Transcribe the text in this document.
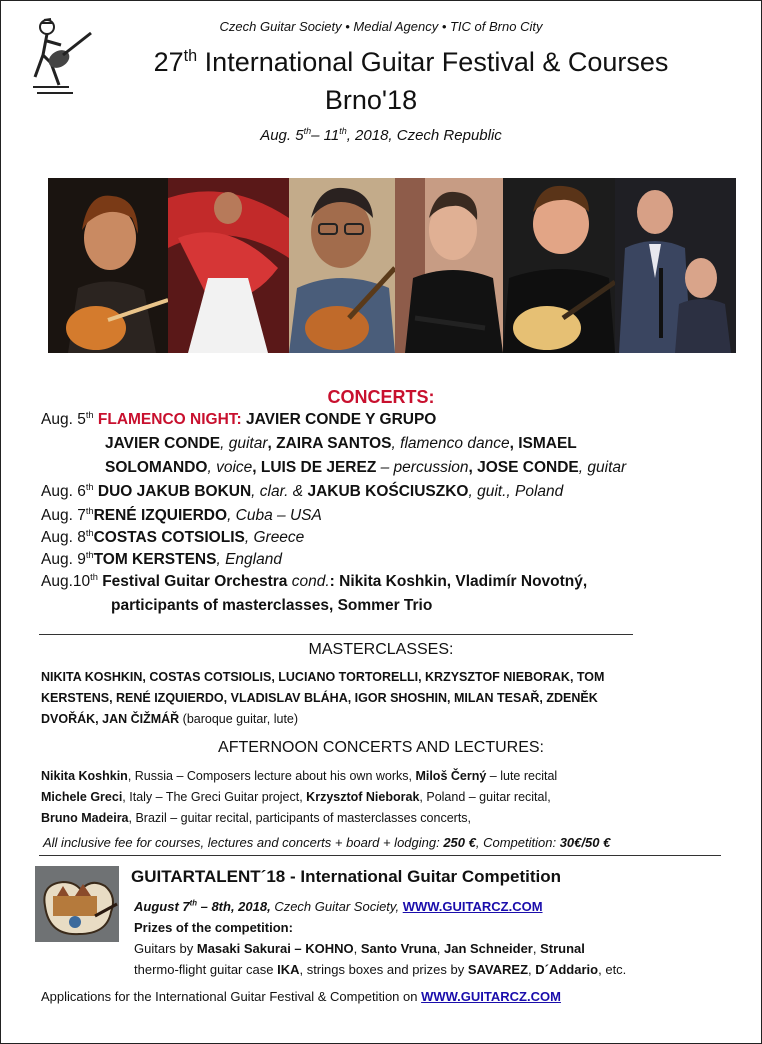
Czech Guitar Society • Medial Agency • TIC of Brno City
27th International Guitar Festival & Courses
Brno'18
Aug. 5th– 11th, 2018, Czech Republic
CONCERTS:
Aug. 5th FLAMENCO NIGHT: JAVIER CONDE Y GRUPO
JAVIER CONDE, guitar, ZAIRA SANTOS, flamenco dance, ISMAEL
SOLOMANDO, voice, LUIS DE JEREZ – percussion, JOSE CONDE, guitar
Aug. 6th DUO JAKUB BOKUN, clar. & JAKUB KOŚCIUSZKO, guit., Poland
Aug. 7thRENÉ IZQUIERDO, Cuba – USA
Aug. 8thCOSTAS COTSIOLIS, Greece
Aug. 9thTOM KERSTENS, England
Aug.10th Festival Guitar Orchestra cond.: Nikita Koshkin, Vladimír Novotný,
participants of masterclasses, Sommer Trio
MASTERCLASSES:
NIKITA KOSHKIN, COSTAS COTSIOLIS, LUCIANO TORTORELLI, KRZYSZTOF NIEBORAK, TOM
KERSTENS, RENÉ IZQUIERDO, VLADISLAV BLÁHA, IGOR SHOSHIN, MILAN TESAŘ, ZDENĚK
DVOŘÁK, JAN ČIŽMÁŘ (baroque guitar, lute)
AFTERNOON CONCERTS AND LECTURES:
Nikita Koshkin, Russia – Composers lecture about his own works, Miloš Černý – lute recital
Michele Greci, Italy – The Greci Guitar project, Krzysztof Nieborak, Poland – guitar recital,
Bruno Madeira, Brazil – guitar recital, participants of masterclasses concerts,
All inclusive fee for courses, lectures and concerts + board + lodging: 250 €, Competition: 30€/50 €
GUITARTALENT´18 - International Guitar Competition
August 7th – 8th, 2018, Czech Guitar Society, WWW.GUITARCZ.COM
Prizes of the competition:
Guitars by Masaki Sakurai – KOHNO, Santo Vruna, Jan Schneider, Strunal
thermo-flight guitar case IKA, strings boxes and prizes by SAVAREZ, D´Addario, etc.
Applications for the International Guitar Festival & Competition on WWW.GUITARCZ.COM
